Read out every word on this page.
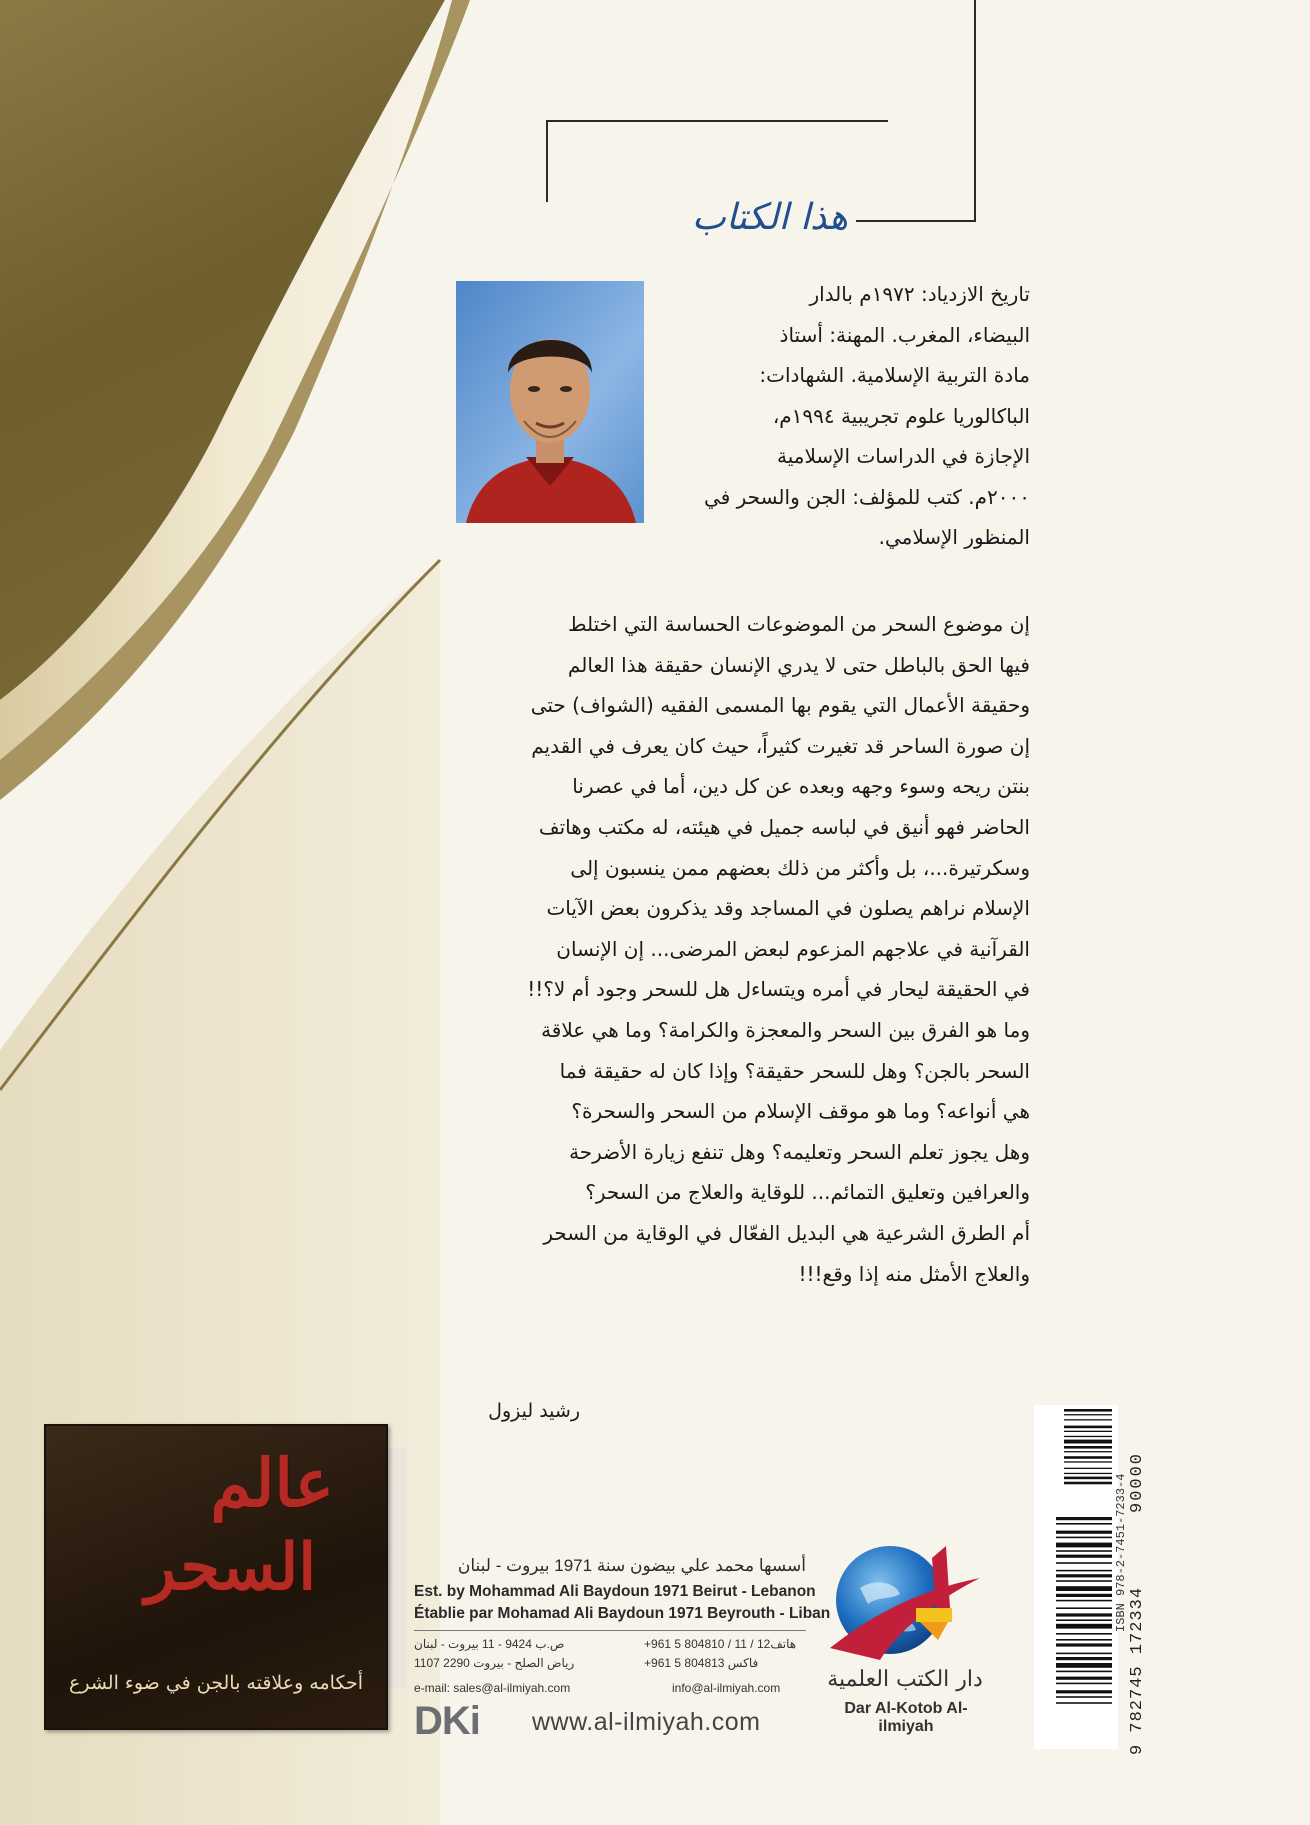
هذا الكتاب
تاريخ الازدياد: ١٩٧٢م بالدار
البيضاء، المغرب. المهنة: أستاذ
مادة التربية الإسلامية. الشهادات:
الباكالوريا علوم تجريبية ١٩٩٤م،
الإجازة في الدراسات الإسلامية
٢٠٠٠م. كتب للمؤلف: الجن والسحر في
المنظور الإسلامي.
إن موضوع السحر من الموضوعات الحساسة التي اختلط
فيها الحق بالباطل حتى لا يدري الإنسان حقيقة هذا العالم
وحقيقة الأعمال التي يقوم بها المسمى الفقيه (الشواف) حتى
إن صورة الساحر قد تغيرت كثيراً، حيث كان يعرف في القديم
بنتن ريحه وسوء وجهه وبعده عن كل دين، أما في عصرنا
الحاضر فهو أنيق في لباسه جميل في هيئته، له مكتب وهاتف
وسكرتيرة...، بل وأكثر من ذلك بعضهم ممن ينسبون إلى
الإسلام نراهم يصلون في المساجد وقد يذكرون بعض الآيات
القرآنية في علاجهم المزعوم لبعض المرضى... إن الإنسان
في الحقيقة ليحار في أمره ويتساءل هل للسحر وجود أم لا؟!!
وما هو الفرق بين السحر والمعجزة والكرامة؟ وما هي علاقة
السحر بالجن؟ وهل للسحر حقيقة؟ وإذا كان له حقيقة فما
هي أنواعه؟ وما هو موقف الإسلام من السحر والسحرة؟
وهل يجوز تعلم السحر وتعليمه؟ وهل تنفع زيارة الأضرحة
والعرافين وتعليق التمائم... للوقاية والعلاج من السحر؟
أم الطرق الشرعية هي البديل الفعّال في الوقاية من السحر
والعلاج الأمثل منه إذا وقع!!!
رشيد ليزول
عالم
السحر
أحكامه وعلاقته بالجن في ضوء الشرع
أسسها محمد علي بيضون سنة 1971 بيروت - لبنان
Est. by Mohammad Ali Baydoun 1971 Beirut - Lebanon
Établie par Mohamad Ali Baydoun 1971 Beyrouth - Liban
هاتف12 / 11 / 804810 5 961+
فاكس 804813 5 961+
ص.ب 9424 - 11 بيروت - لبنان
رياض الصلح - بيروت 2290 1107
e-mail: sales@al-ilmiyah.com	info@al-ilmiyah.com
DKi www.al-ilmiyah.com
دار الكتب العلمية
Dar Al-Kotob Al-ilmiyah
ISBN 978-2-7451-7233-4
9 782745 172334
90000
